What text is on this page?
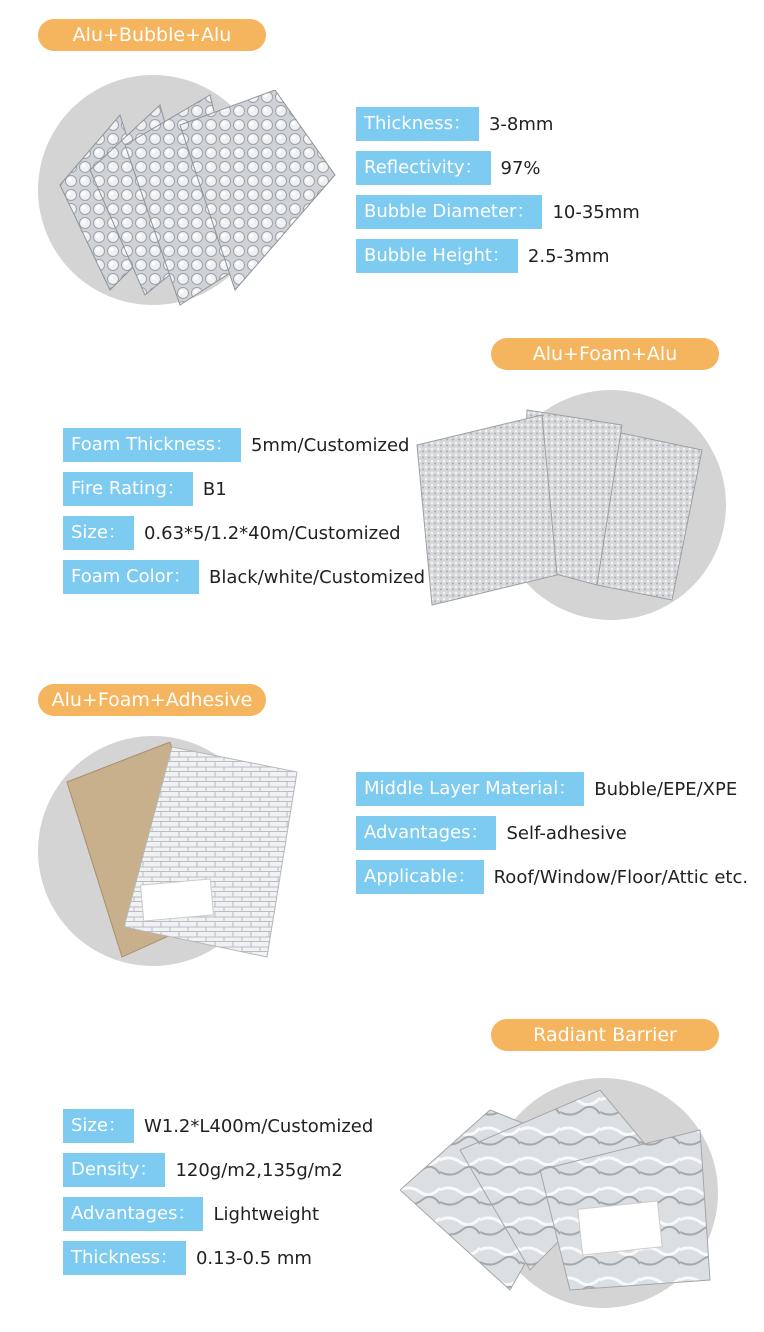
Alu+Bubble+Alu
Thickness：	3-8mm
Reflectivity：	97%
Bubble Diameter：	10-35mm
Bubble Height：	2.5-3mm
Alu+Foam+Alu
Foam Thickness：	5mm/Customized
Fire Rating：	B1
Size：	0.63*5/1.2*40m/Customized
Foam Color：	Black/white/Customized
Alu+Foam+Adhesive
Middle Layer Material：	Bubble/EPE/XPE
Advantages：	Self-adhesive
Applicable：	Roof/Window/Floor/Attic etc.
Radiant Barrier
Size：	W1.2*L400m/Customized
Density：	120g/m2,135g/m2
Advantages：	Lightweight
Thickness：	0.13-0.5 mm
